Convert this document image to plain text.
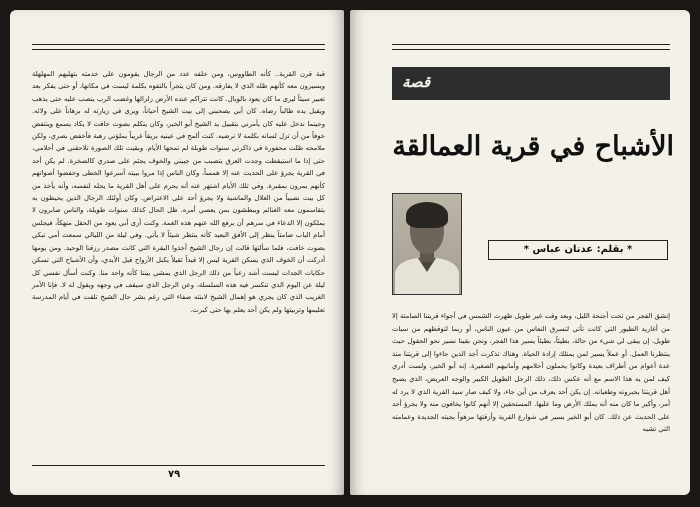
قبة قرن القرية.. كأنه الطاووس، ومن خلفه عدد من الرجال يقومون على خدمته بتهليهم المهلهلة ويسيرون معه كأنهم ظله الذي لا يفارقه. ومن كان يتجرأ بالتفوه بكلمة ليست في مكانها، أو حتى يفكر بعد تعبير سيئاً ليرى ما كان يعود بالوبال. كانت تتراكم عنده الأرض زلزالها وغضب الرب ينصب عليه حتى يذهب ويقبل يده طالباً رضاه. كان أبي يصحبني إلى بيت الشيخ أحياناً، ويرى في زيارته له برهاناً على ولائه. وحينما ندخل عليه كان يأمرني بتقبيل يد الشيخ أبو الخير، وكان يتكلم بصوت خافت لا يكاد يسمع وينتفض خوفاً من أن تزل لسانه بكلمة لا ترضيه. كنت ألمح في عينيه بريقاً غريباً يملؤني رهبة فأخفض بصري، ولكن ملامحه ظلت محفورة في ذاكرتي سنوات طويلة لم تمحها الأيام. وبقيت تلك الصورة تلاحقني في أحلامي، حتى إذا ما استيقظت وجدت العرق يتصبب من جبيني والخوف يجثم على صدري كالصخرة. لم يكن أحد في القرية يجرؤ على الحديث عنه إلا همساً، وكان الناس إذا مروا ببيته أسرعوا الخطى وخفضوا أصواتهم كأنهم يمرون بمقبرة. وفي تلك الأيام اشتهر عنه أنه يحرم على أهل القرية ما يحله لنفسه، وأنه يأخذ من كل بيت نصيباً من الغلال والماشية ولا يجرؤ أحد على الاعتراض. وكان أولئك الرجال الذين يحيطون به يتقاسمون معه الغنائم ويبطشون بمن يعصي أمره. ظل الحال كذلك سنوات طويلة، والناس صابرون لا يملكون إلا الدعاء في سرهم أن يرفع الله عنهم هذه الغمة. وكنت أرى أبي يعود من الحقل منهكاً، فيجلس أمام الباب صامتاً ينظر إلى الأفق البعيد كأنه ينتظر شيئاً لا يأتي. وفي ليلة من الليالي سمعت أمي تبكي بصوت خافت، فلما سألتها قالت إن رجال الشيخ أخذوا البقرة التي كانت مصدر رزقنا الوحيد. ومن يومها أدركت أن الخوف الذي يسكن القرية ليس إلا قيداً ثقيلاً يكبل الأرواح قبل الأيدي، وأن الأشباح التي تسكن حكايات الجدات ليست أشد رعباً من ذلك الرجل الذي يمشي بيننا كأنه واحد منا. وكنت أسأل نفسي كل ليلة عن اليوم الذي تنكسر فيه هذه السلسلة، وعن الرجل الذي سيقف في وجهه ويقول له لا. فإنا الأمر الغريب الذي كان يجري هو إهمال الشيخ لابنته صفاء التي رغم بشر حال الشيخ تلقت في أيام المدرسة تعليمها وتربيتها ولم يكن أحد يعلم بها حتى كبرت.

٧٩
قصة
الأشباح في قرية العمالقة
* بقلم: عدنان عباس *

إنشق الفجر من تحت أجنحة الليل، وبعد وقت غير طويل ظهرت الشمس في أجواء قريتنا الصامتة إلا من أغاريد الطيور التي كانت تأتي لتسرق النعاس من عيون الناس، أو ربما لتوقظهم من سبات طويل. إن يبقى لي شيء من حالة، بطيئاً، بطيئاً يسير هذا الفجر، ونحن بقينا نسير نحو الحقول حيث ينتظرنا العمل. أو عملاً يسير لمن يمتلك إرادة الحياة. وهناك تذكرت أجد الذين جاءوا إلى قريتنا منذ عدة أعوام من أطراف بعيدة وكانوا يحملون أحلامهم وأمانيهم الصغيرة. إنه أبو الخير، ولست أدري كيف لمن يه هذا الاسم مع أنه عكس ذلك، ذلك الرجل الطويل الكبير والوجه العريض، الذي يصبح أهل قريتنا بجبروته وطغيانه. إن يكن أحد يعرف من أين جاء، ولا كيف صار سيد القرية الذي لا يرد له أمر، وأكبر ما كان منه أنه يملك الأرض وما عليها. المستحقين إلا أنهم كانوا يخافون منه ولا يجرؤ أحد على الحديث عن ذلك. كان أبو الخير يسير في شوارع القرية وأزقتها مزهواً بجبته الجديدة وعمامته التي تشبه
